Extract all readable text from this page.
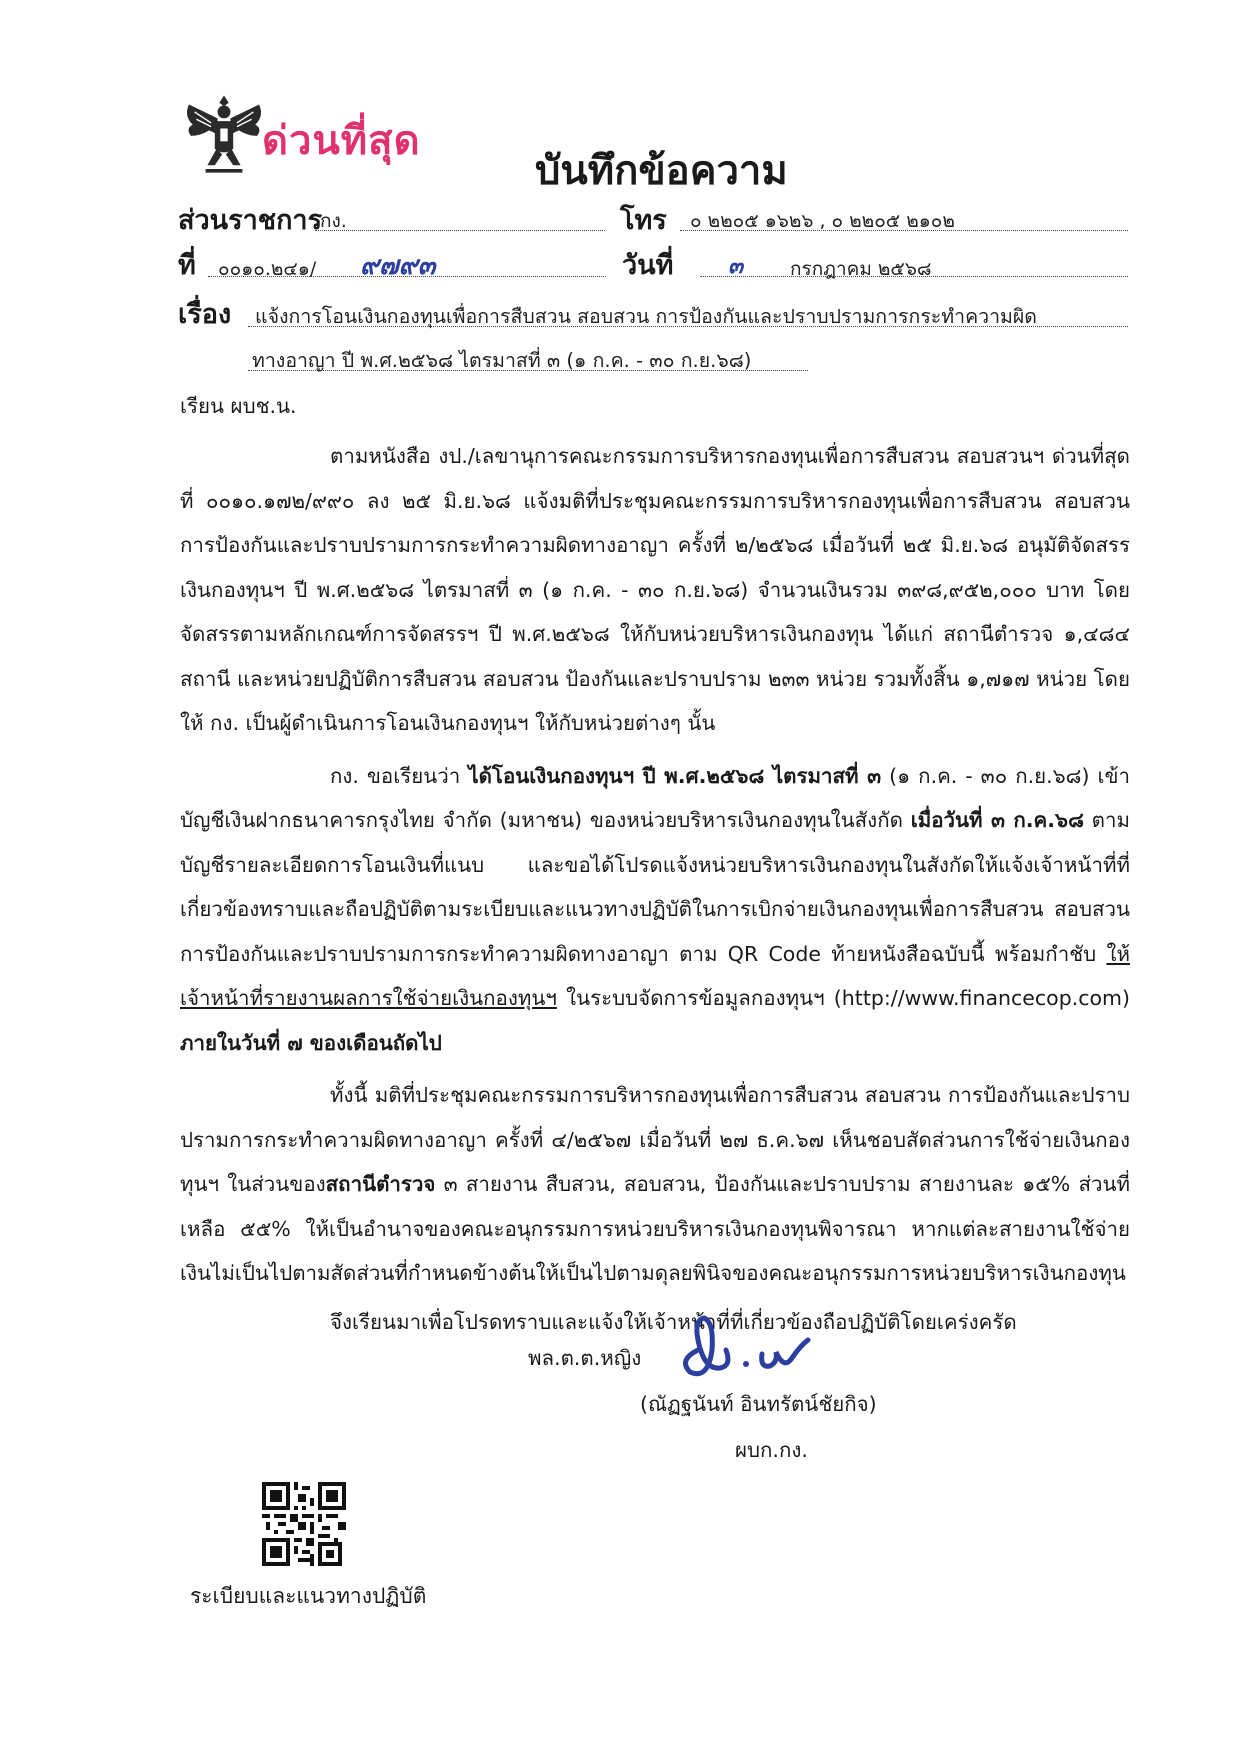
ด่วนที่สุด
บันทึกข้อความ
ส่วนราชการ
กง.	โทร ๐ ๒๒๐๕ ๑๖๒๖ , ๐ ๒๒๐๕ ๒๑๐๒
ที่ ๐๐๑๐.๒๔๑/ ๙๗๙๓	วันที่ ๓ กรกฎาคม ๒๕๖๘
เรื่อง แจ้งการโอนเงินกองทุนเพื่อการสืบสวน สอบสวน การป้องกันและปราบปรามการกระทำความผิด
ทางอาญา ปี พ.ศ.๒๕๖๘ ไตรมาสที่ ๓ (๑ ก.ค. - ๓๐ ก.ย.๖๘)
เรียน ผบช.น.

ตามหนังสือ งป./เลขานุการคณะกรรมการบริหารกองทุนเพื่อการสืบสวน สอบสวนฯ ด่วนที่สุด ที่ ๐๐๑๐.๑๗๒/๙๙๐ ลง ๒๕ มิ.ย.๖๘ แจ้งมติที่ประชุมคณะกรรมการบริหารกองทุนเพื่อการสืบสวน สอบสวน การป้องกันและปราบปรามการกระทำความผิดทางอาญา ครั้งที่ ๒/๒๕๖๘ เมื่อวันที่ ๒๕ มิ.ย.๖๘ อนุมัติจัดสรรเงินกองทุนฯ ปี พ.ศ.๒๕๖๘ ไตรมาสที่ ๓ (๑ ก.ค. - ๓๐ ก.ย.๖๘) จำนวนเงินรวม ๓๙๘,๙๕๒,๐๐๐ บาท โดยจัดสรรตามหลักเกณฑ์การจัดสรรฯ ปี พ.ศ.๒๕๖๘ ให้กับหน่วยบริหารเงินกองทุน ได้แก่ สถานีตำรวจ ๑,๔๘๔ สถานี และหน่วยปฏิบัติการสืบสวน สอบสวน ป้องกันและปราบปราม ๒๓๓ หน่วย รวมทั้งสิ้น ๑,๗๑๗ หน่วย โดยให้ กง. เป็นผู้ดำเนินการโอนเงินกองทุนฯ ให้กับหน่วยต่างๆ นั้น

กง. ขอเรียนว่า ได้โอนเงินกองทุนฯ ปี พ.ศ.๒๕๖๘ ไตรมาสที่ ๓ (๑ ก.ค. - ๓๐ ก.ย.๖๘) เข้าบัญชีเงินฝากธนาคารกรุงไทย จำกัด (มหาชน) ของหน่วยบริหารเงินกองทุนในสังกัด เมื่อวันที่ ๓ ก.ค.๖๘ ตามบัญชีรายละเอียดการโอนเงินที่แนบ และขอได้โปรดแจ้งหน่วยบริหารเงินกองทุนในสังกัดให้แจ้งเจ้าหน้าที่ที่เกี่ยวข้องทราบและถือปฏิบัติตามระเบียบและแนวทางปฏิบัติในการเบิกจ่ายเงินกองทุนเพื่อการสืบสวน สอบสวน การป้องกันและปราบปรามการกระทำความผิดทางอาญา ตาม QR Code ท้ายหนังสือฉบับนี้ พร้อมกำชับ ให้เจ้าหน้าที่รายงานผลการใช้จ่ายเงินกองทุนฯ ในระบบจัดการข้อมูลกองทุนฯ (http://www.financecop.com) ภายในวันที่ ๗ ของเดือนถัดไป

ทั้งนี้ มติที่ประชุมคณะกรรมการบริหารกองทุนเพื่อการสืบสวน สอบสวน การป้องกันและปราบปรามการกระทำความผิดทางอาญา ครั้งที่ ๔/๒๕๖๗ เมื่อวันที่ ๒๗ ธ.ค.๖๗ เห็นชอบสัดส่วนการใช้จ่ายเงินกองทุนฯ ในส่วนของสถานีตำรวจ ๓ สายงาน สืบสวน, สอบสวน, ป้องกันและปราบปราม สายงานละ ๑๕% ส่วนที่เหลือ ๕๕% ให้เป็นอำนาจของคณะอนุกรรมการหน่วยบริหารเงินกองทุนพิจารณา หากแต่ละสายงานใช้จ่ายเงินไม่เป็นไปตามสัดส่วนที่กำหนดข้างต้นให้เป็นไปตามดุลยพินิจของคณะอนุกรรมการหน่วยบริหารเงินกองทุน

จึงเรียนมาเพื่อโปรดทราบและแจ้งให้เจ้าหน้าที่ที่เกี่ยวข้องถือปฏิบัติโดยเคร่งครัด

พล.ต.ต.หญิง
(ณัฏฐนันท์ อินทรัตน์ชัยกิจ)
ผบก.กง.
ระเบียบและแนวทางปฏิบัติ
